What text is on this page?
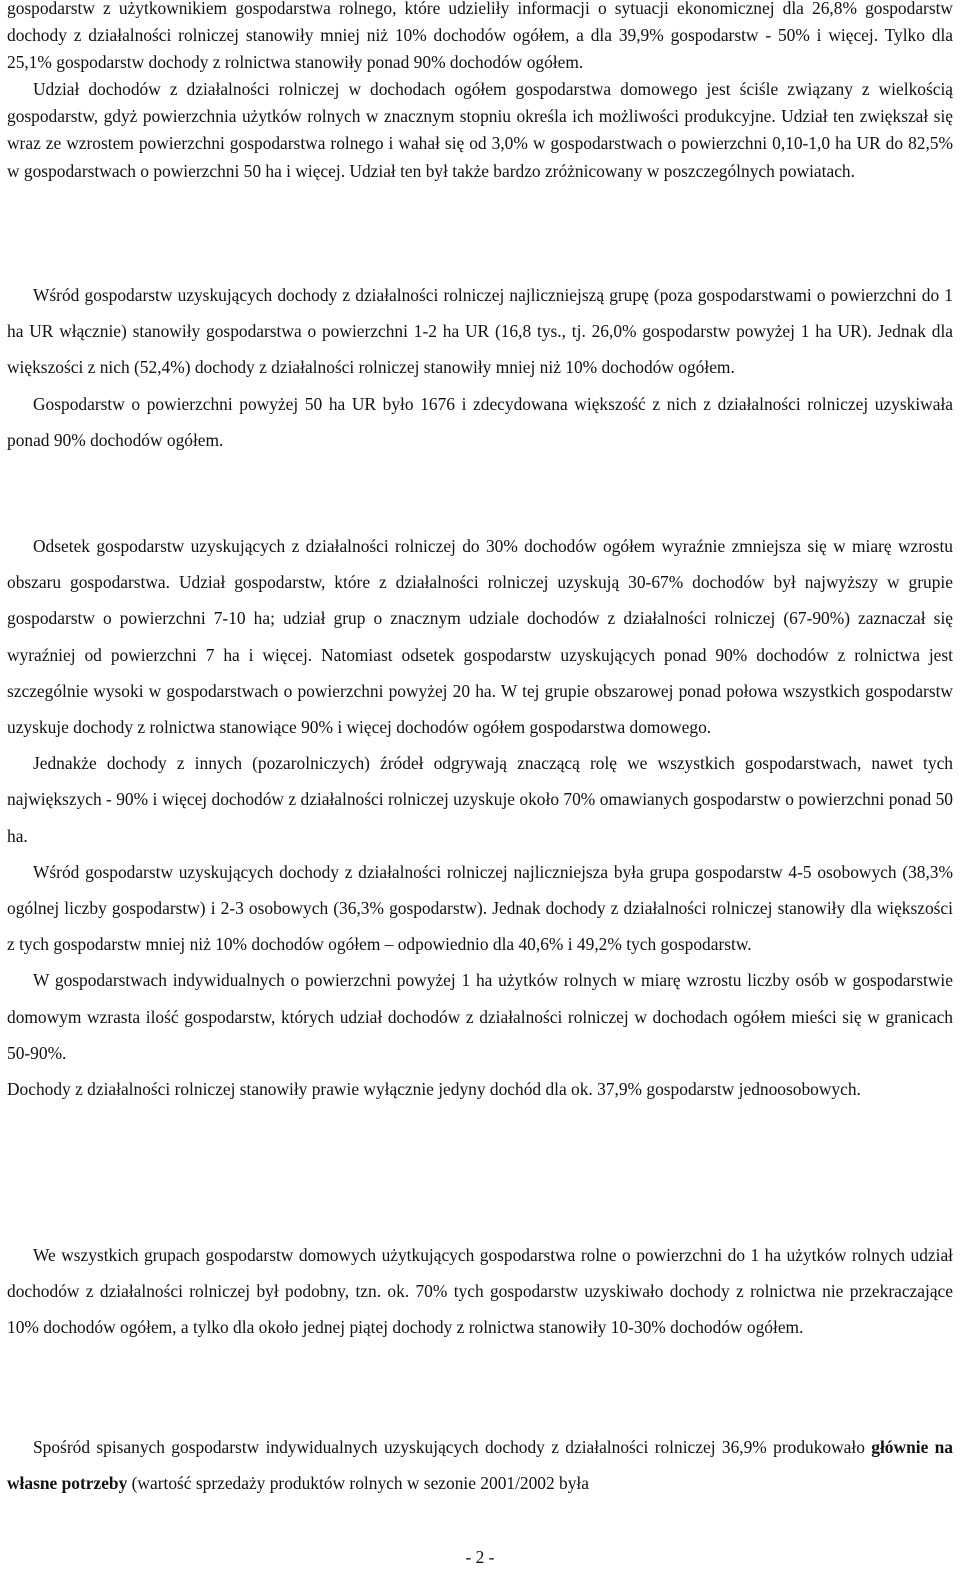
gospodarstw z użytkownikiem gospodarstwa rolnego, które udzieliły informacji o sytuacji ekonomicznej dla 26,8% gospodarstw dochody z działalności rolniczej stanowiły mniej niż 10% dochodów ogółem, a dla 39,9% gospodarstw - 50% i więcej. Tylko dla 25,1% gospodarstw dochody z rolnictwa stanowiły ponad 90% dochodów ogółem.

Udział dochodów z działalności rolniczej w dochodach ogółem gospodarstwa domowego jest ściśle związany z wielkością gospodarstw, gdyż powierzchnia użytków rolnych w znacznym stopniu określa ich możliwości produkcyjne. Udział ten zwiększał się wraz ze wzrostem powierzchni gospodarstwa rolnego i wahał się od 3,0% w gospodarstwach o powierzchni 0,10-1,0 ha UR do 82,5% w gospodarstwach o powierzchni 50 ha i więcej. Udział ten był także bardzo zróżnicowany w poszczególnych powiatach.

Wśród gospodarstw uzyskujących dochody z działalności rolniczej najliczniejszą grupę (poza gospodarstwami o powierzchni do 1 ha UR włącznie) stanowiły gospodarstwa o powierzchni 1-2 ha UR (16,8 tys., tj. 26,0% gospodarstw powyżej 1 ha UR). Jednak dla większości z nich (52,4%) dochody z działalności rolniczej stanowiły mniej niż 10% dochodów ogółem.

Gospodarstw o powierzchni powyżej 50 ha UR było 1676 i zdecydowana większość z nich z działalności rolniczej uzyskiwała ponad 90% dochodów ogółem.

Odsetek gospodarstw uzyskujących z działalności rolniczej do 30% dochodów ogółem wyraźnie zmniejsza się w miarę wzrostu obszaru gospodarstwa. Udział gospodarstw, które z działalności rolniczej uzyskują 30-67% dochodów był najwyższy w grupie gospodarstw o powierzchni 7-10 ha; udział grup o znacznym udziale dochodów z działalności rolniczej (67-90%) zaznaczał się wyraźniej od powierzchni 7 ha i więcej. Natomiast odsetek gospodarstw uzyskujących ponad 90% dochodów z rolnictwa jest szczególnie wysoki w gospodarstwach o powierzchni powyżej 20 ha. W tej grupie obszarowej ponad połowa wszystkich gospodarstw uzyskuje dochody z rolnictwa stanowiące 90% i więcej dochodów ogółem gospodarstwa domowego.

Jednakże dochody z innych (pozarolniczych) źródeł odgrywają znaczącą rolę we wszystkich gospodarstwach, nawet tych największych - 90% i więcej dochodów z działalności rolniczej uzyskuje około 70% omawianych gospodarstw o powierzchni ponad 50 ha.

Wśród gospodarstw uzyskujących dochody z działalności rolniczej najliczniejsza była grupa gospodarstw 4-5 osobowych (38,3% ogólnej liczby gospodarstw) i 2-3 osobowych (36,3% gospodarstw). Jednak dochody z działalności rolniczej stanowiły dla większości z tych gospodarstw mniej niż 10% dochodów ogółem – odpowiednio dla 40,6% i 49,2% tych gospodarstw.

W gospodarstwach indywidualnych o powierzchni powyżej 1 ha użytków rolnych w miarę wzrostu liczby osób w gospodarstwie domowym wzrasta ilość gospodarstw, których udział dochodów z działalności rolniczej w dochodach ogółem mieści się w granicach 50-90%.

Dochody z działalności rolniczej stanowiły prawie wyłącznie jedyny dochód dla ok. 37,9% gospodarstw jednoosobowych.

We wszystkich grupach gospodarstw domowych użytkujących gospodarstwa rolne o powierzchni do 1 ha użytków rolnych udział dochodów z działalności rolniczej był podobny, tzn. ok. 70% tych gospodarstw uzyskiwało dochody z rolnictwa nie przekraczające 10% dochodów ogółem, a tylko dla około jednej piątej dochody z rolnictwa stanowiły 10-30% dochodów ogółem.

Spośród spisanych gospodarstw indywidualnych uzyskujących dochody z działalności rolniczej 36,9% produkowało głównie na własne potrzeby (wartość sprzedaży produktów rolnych w sezonie 2001/2002 była

- 2 -
